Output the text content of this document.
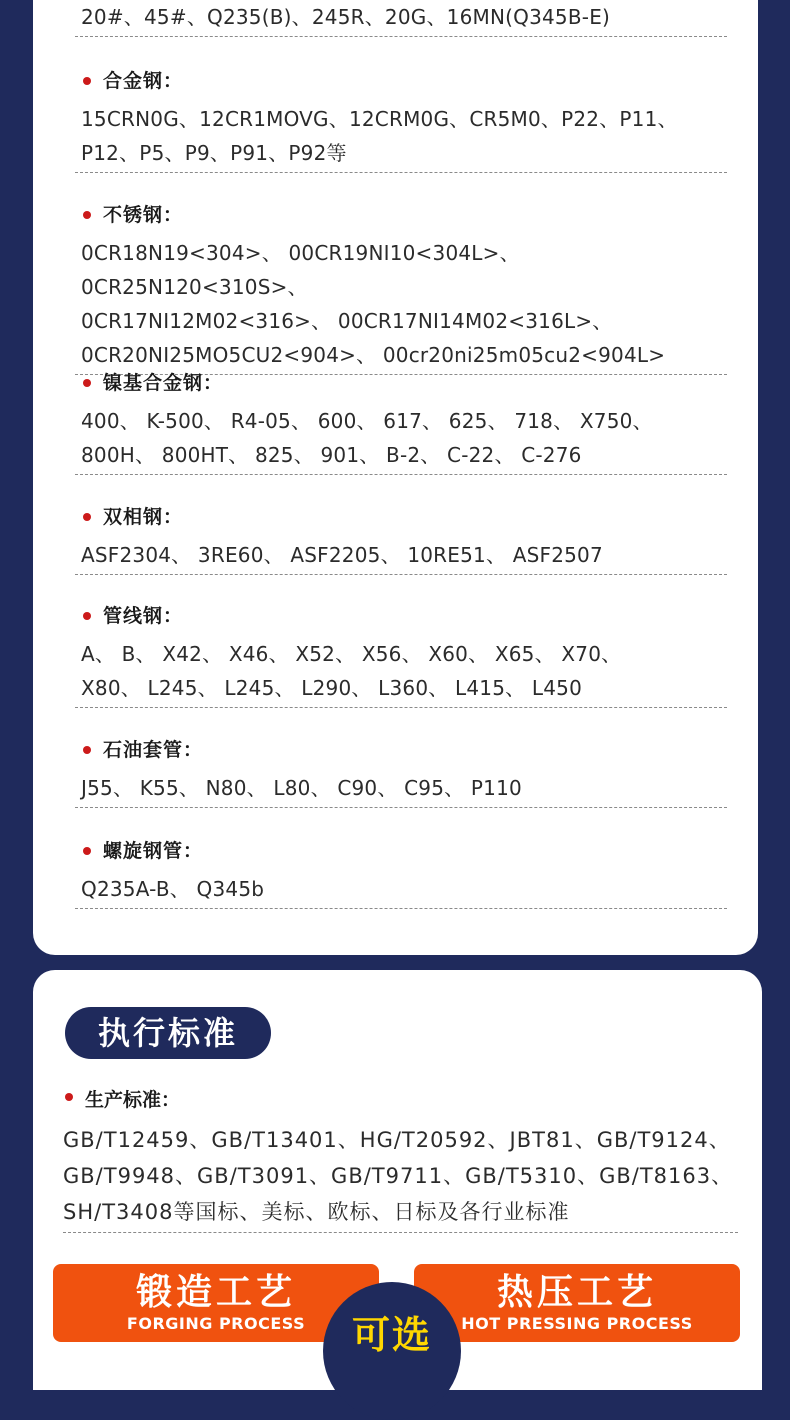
20#、45#、Q235(B)、245R、20G、16MN(Q345B-E)
合金钢：
15CRN0G、12CR1MOVG、12CRM0G、CR5M0、P22、P11、
P12、P5、P9、P91、P92等
不锈钢：
0CR18N19<304>、 00CR19NI10<304L>、 0CR25N120<310S>、
0CR17NI12M02<316>、 00CR17NI14M02<316L>、
0CR20NI25MO5CU2<904>、 00cr20ni25m05cu2<904L>
镍基合金钢：
400、 K-500、 R4-05、 600、 617、 625、 718、 X750、
800H、 800HT、 825、 901、 B-2、 C-22、 C-276
双相钢：
ASF2304、 3RE60、 ASF2205、 10RE51、 ASF2507
管线钢：
A、 B、 X42、 X46、 X52、 X56、 X60、 X65、 X70、
X80、 L245、 L245、 L290、 L360、 L415、 L450
石油套管：
J55、 K55、 N80、 L80、 C90、 C95、 P110
螺旋钢管：
Q235A-B、 Q345b
执行标准
生产标准：
GB/T12459、GB/T13401、HG/T20592、JBT81、GB/T9124、
GB/T9948、GB/T3091、GB/T9711、GB/T5310、GB/T8163、
SH/T3408等国标、美标、欧标、日标及各行业标准
锻造工艺
FORGING PROCESS
热压工艺
HOT PRESSING PROCESS
可选
